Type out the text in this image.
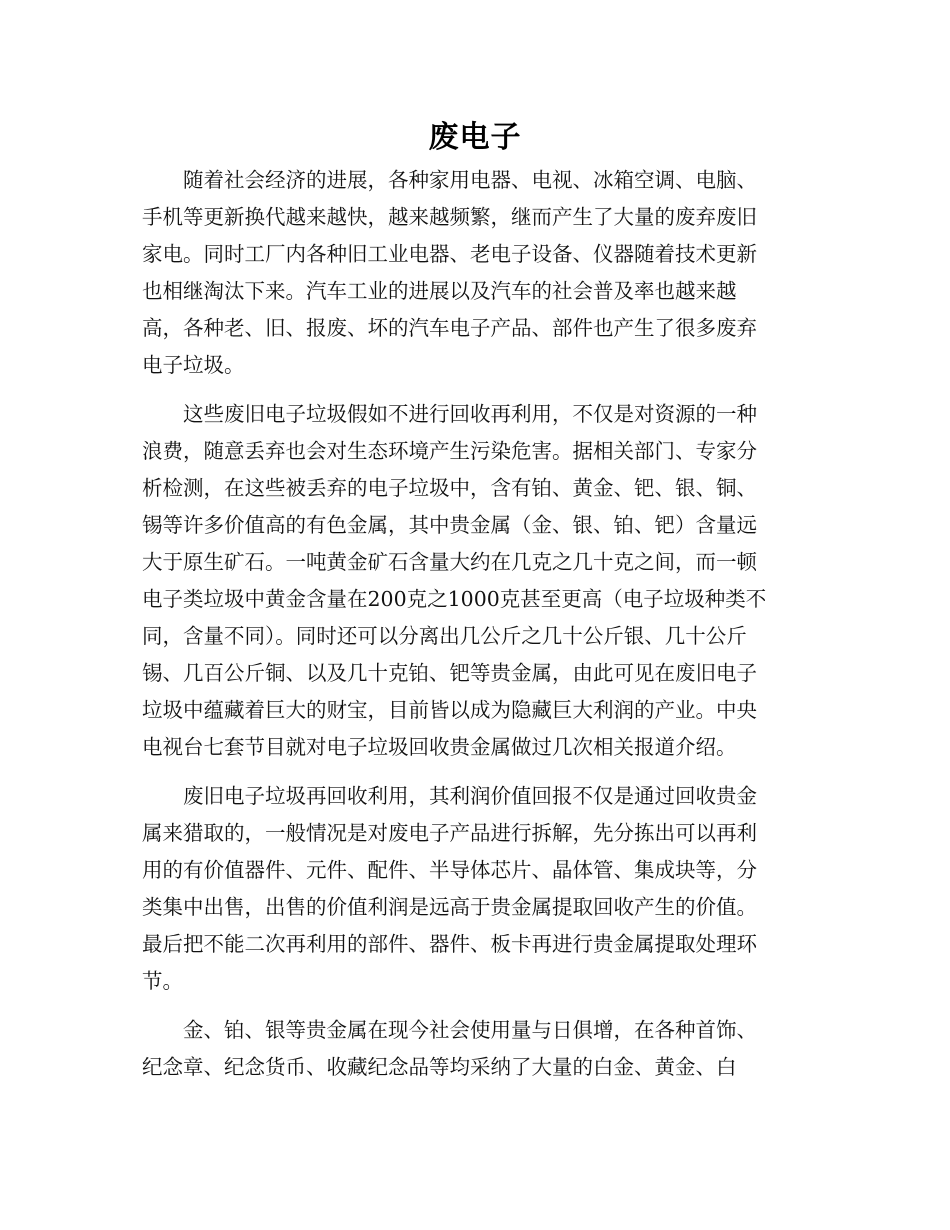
废电子

随着社会经济的进展，各种家用电器、电视、冰箱空调、电脑、
手机等更新换代越来越快，越来越频繁，继而产生了大量的废弃废旧
家电。同时工厂内各种旧工业电器、老电子设备、仪器随着技术更新
也相继淘汰下来。汽车工业的进展以及汽车的社会普及率也越来越
高，各种老、旧、报废、坏的汽车电子产品、部件也产生了很多废弃
电子垃圾。

这些废旧电子垃圾假如不进行回收再利用，不仅是对资源的一种
浪费，随意丢弃也会对生态环境产生污染危害。据相关部门、专家分
析检测，在这些被丢弃的电子垃圾中，含有铂、黄金、钯、银、铜、
锡等许多价值高的有色金属，其中贵金属（金、银、铂、钯）含量远
大于原生矿石。一吨黄金矿石含量大约在几克之几十克之间，而一顿
电子类垃圾中黄金含量在200克之1000克甚至更高（电子垃圾种类不
同，含量不同）。同时还可以分离出几公斤之几十公斤银、几十公斤
锡、几百公斤铜、以及几十克铂、钯等贵金属，由此可见在废旧电子
垃圾中蕴藏着巨大的财宝，目前皆以成为隐藏巨大利润的产业。中央
电视台七套节目就对电子垃圾回收贵金属做过几次相关报道介绍。

废旧电子垃圾再回收利用，其利润价值回报不仅是通过回收贵金
属来猎取的，一般情况是对废电子产品进行拆解，先分拣出可以再利
用的有价值器件、元件、配件、半导体芯片、晶体管、集成块等，分
类集中出售，出售的价值利润是远高于贵金属提取回收产生的价值。
最后把不能二次再利用的部件、器件、板卡再进行贵金属提取处理环
节。

金、铂、银等贵金属在现今社会使用量与日俱增，在各种首饰、
纪念章、纪念货币、收藏纪念品等均采纳了大量的白金、黄金、白
